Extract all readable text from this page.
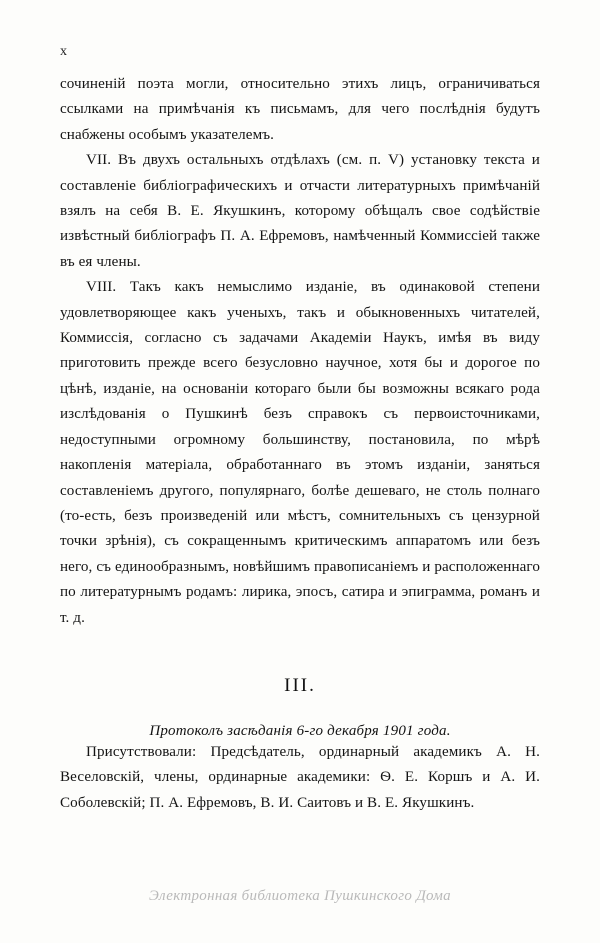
x

сочиненій поэта могли, относительно этихъ лицъ, ограничиваться ссылками на примѣчанія къ письмамъ, для чего послѣднія будутъ снабжены особымъ указателемъ.

VII. Въ двухъ остальныхъ отдѣлахъ (см. п. V) установку текста и составленіе библіографическихъ и отчасти литературныхъ примѣчаній взялъ на себя В. Е. Якушкинъ, которому обѣщалъ свое содѣйствіе извѣстный библіографъ П. А. Ефремовъ, намѣченный Коммиссіей также въ ея члены.

VIII. Такъ какъ немыслимо изданіе, въ одинаковой степени удовлетворяющее какъ ученыхъ, такъ и обыкновенныхъ читателей, Коммиссія, согласно съ задачами Академіи Наукъ, имѣя въ виду приготовить прежде всего безусловно научное, хотя бы и дорогое по цѣнѣ, изданіе, на основаніи котораго были бы возможны всякаго рода изслѣдованія о Пушкинѣ безъ справокъ съ первоисточниками, недоступными огромному большинству, постановила, по мѣрѣ накопленія матеріала, обработаннаго въ этомъ изданіи, заняться составленіемъ другого, популярнаго, болѣе дешеваго, не столь полнаго (то-есть, безъ произведеній или мѣстъ, сомнительныхъ съ цензурной точки зрѣнія), съ сокращеннымъ критическимъ аппаратомъ или безъ него, съ единообразнымъ, новѣйшимъ правописаніемъ и расположеннаго по литературнымъ родамъ: лирика, эпосъ, сатира и эпиграмма, романъ и т. д.

III.
Протоколъ засѣданія 6-го декабря 1901 года.

Присутствовали: Предсѣдатель, ординарный академикъ А. Н. Веселовскій, члены, ординарные академики: Ѳ. Е. Коршъ и А. И. Соболевскій; П. А. Ефремовъ, В. И. Саитовъ и В. Е. Якушкинъ.

Электронная библиотека Пушкинского Дома
